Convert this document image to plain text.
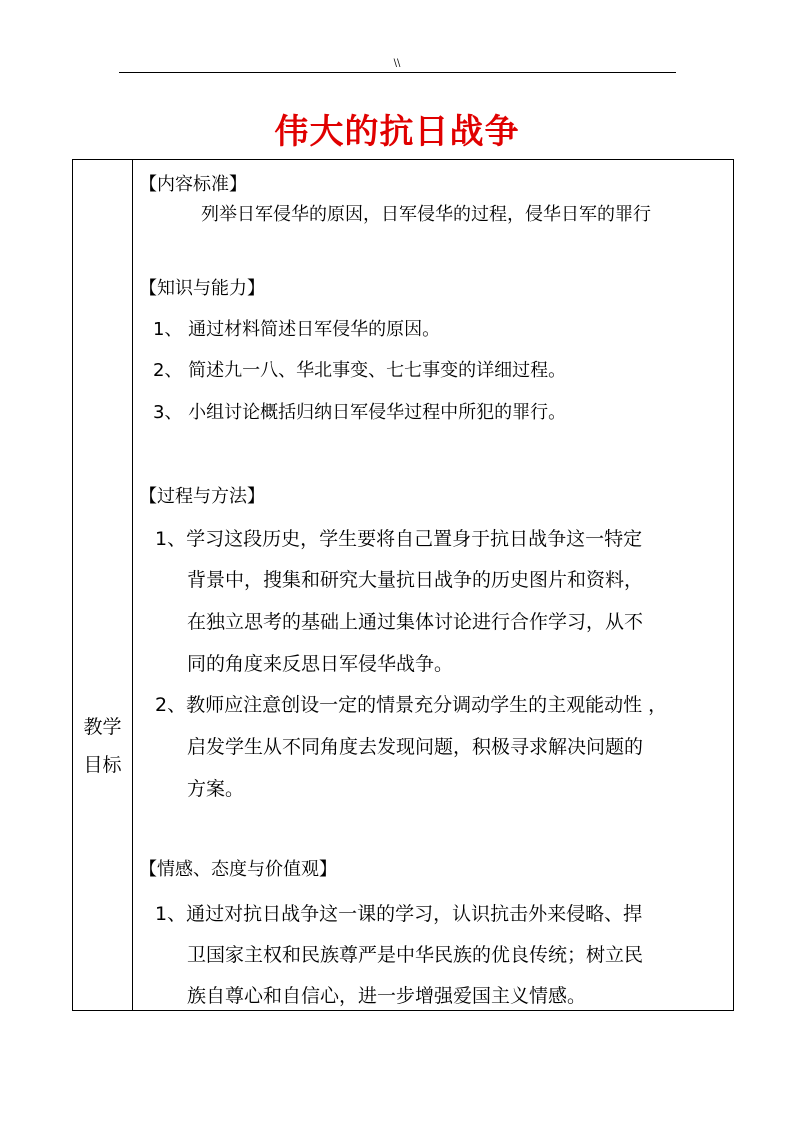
\\
伟大的抗日战争
教学
目标
【内容标准】
列举日军侵华的原因，日军侵华的过程，侵华日军的罪行
【知识与能力】
1、 通过材料简述日军侵华的原因。
2、 简述九一八、华北事变、七七事变的详细过程。
3、 小组讨论概括归纳日军侵华过程中所犯的罪行。
【过程与方法】
1、学习这段历史，学生要将自己置身于抗日战争这一特定
背景中，搜集和研究大量抗日战争的历史图片和资料，
在独立思考的基础上通过集体讨论进行合作学习，从不
同的角度来反思日军侵华战争。
2、教师应注意创设一定的情景充分调动学生的主观能动性 ，
启发学生从不同角度去发现问题，积极寻求解决问题的
方案。
【情感、态度与价值观】
1、通过对抗日战争这一课的学习，认识抗击外来侵略、捍
卫国家主权和民族尊严是中华民族的优良传统；树立民
族自尊心和自信心，进一步增强爱国主义情感。
